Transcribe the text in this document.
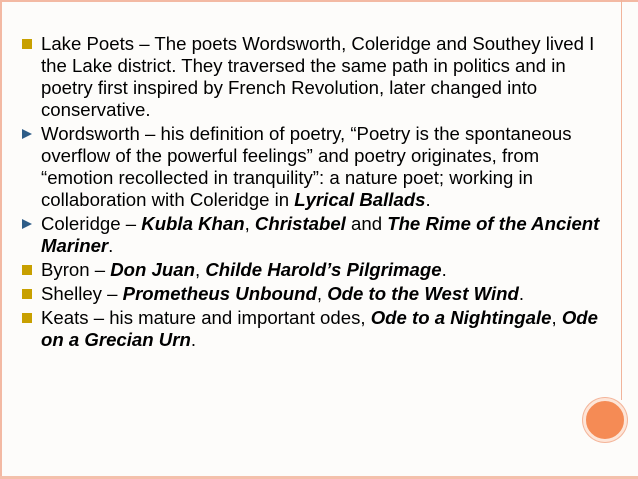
Lake Poets – The poets Wordsworth, Coleridge and Southey lived I the Lake district. They traversed the same path in politics and in poetry first inspired by French Revolution, later changed into conservative.
Wordsworth – his definition of poetry, “Poetry is the spontaneous overflow of the powerful feelings” and poetry originates, from “emotion recollected in tranquility”: a nature poet; working in collaboration with Coleridge in Lyrical Ballads.
Coleridge – Kubla Khan, Christabel and The Rime of the Ancient Mariner.
Byron – Don Juan, Childe Harold’s Pilgrimage.
Shelley – Prometheus Unbound, Ode to the West Wind.
Keats – his mature and important odes, Ode to a Nightingale, Ode on a Grecian Urn.
